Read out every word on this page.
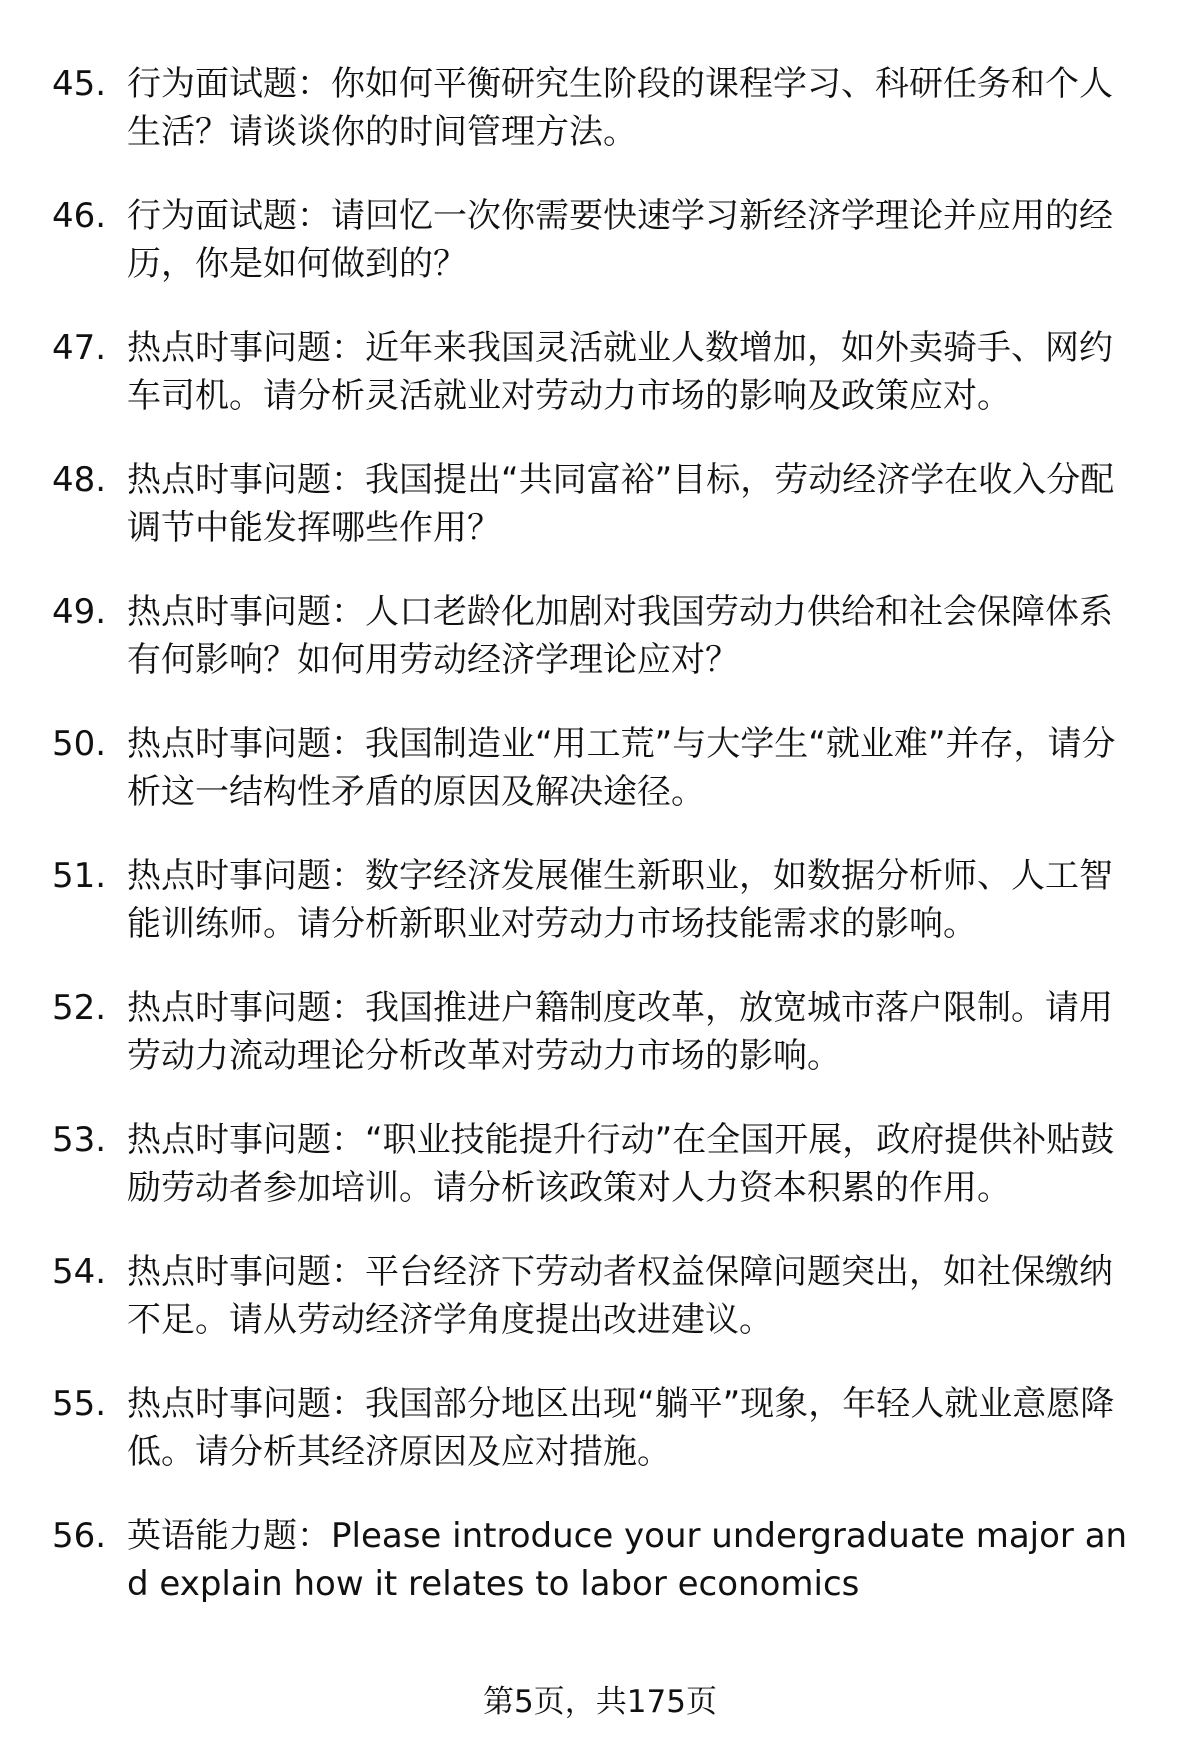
45. 行为面试题：你如何平衡研究生阶段的课程学习、科研任务和个人生活？请谈谈你的时间管理方法。
46. 行为面试题：请回忆一次你需要快速学习新经济学理论并应用的经历，你是如何做到的？
47. 热点时事问题：近年来我国灵活就业人数增加，如外卖骑手、网约车司机。请分析灵活就业对劳动力市场的影响及政策应对。
48. 热点时事问题：我国提出“共同富裕”目标，劳动经济学在收入分配调节中能发挥哪些作用？
49. 热点时事问题：人口老龄化加剧对我国劳动力供给和社会保障体系有何影响？如何用劳动经济学理论应对？
50. 热点时事问题：我国制造业“用工荒”与大学生“就业难”并存，请分析这一结构性矛盾的原因及解决途径。
51. 热点时事问题：数字经济发展催生新职业，如数据分析师、人工智能训练师。请分析新职业对劳动力市场技能需求的影响。
52. 热点时事问题：我国推进户籍制度改革，放宽城市落户限制。请用劳动力流动理论分析改革对劳动力市场的影响。
53. 热点时事问题：“职业技能提升行动”在全国开展，政府提供补贴鼓励劳动者参加培训。请分析该政策对人力资本积累的作用。
54. 热点时事问题：平台经济下劳动者权益保障问题突出，如社保缴纳不足。请从劳动经济学角度提出改进建议。
55. 热点时事问题：我国部分地区出现“躺平”现象，年轻人就业意愿降低。请分析其经济原因及应对措施。
56. 英语能力题：Please introduce your undergraduate major and explain how it relates to labor economics
第5页，共175页
